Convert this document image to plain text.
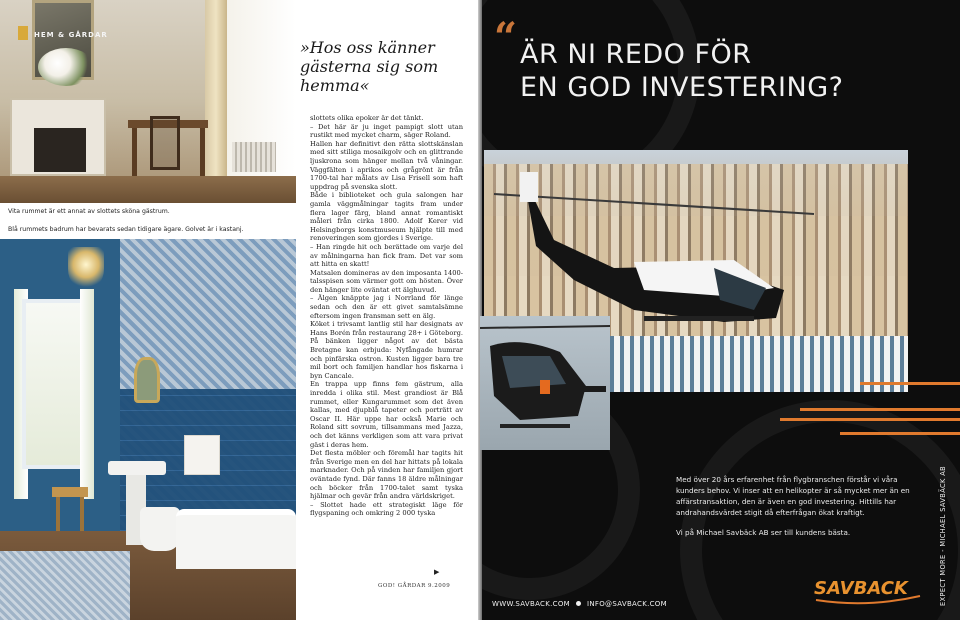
HEM & GÅRDAR
Vita rummet är ett annat av slottets sköna gästrum.
Blå rummets badrum har bevarats sedan tidigare ägare. Golvet är i kastanj.
»Hos oss känner gästerna sig som hemma«

slottets olika epoker är det tänkt.

– Det här är ju inget pampigt slott utan rustikt med mycket charm, säger Roland.

Hallen har definitivt den rätta slottskänslan med sitt stiliga mosaikgolv och en glittrande ljuskrona som hänger mellan två våningar. Väggfälten i aprikos och grågrönt är från 1700-tal har målats av Lisa Frisell som haft uppdrag på svenska slott.

Både i biblioteket och gula salongen har gamla väggmålningar tagits fram under flera lager färg, bland annat romantiskt måleri från cirka 1800. Adolf Kerer vid Helsingborgs konstmuseum hjälpte till med renoveringen som gjordes i Sverige.

– Han ringde hit och berättade om varje del av målningarna han fick fram. Det var som att hitta en skatt!

Matsalen domineras av den imposanta 1400-talsspisen som värmer gott om hösten. Över den hänger lite oväntat ett älghuvud.

– Älgen knäppte jag i Norrland för länge sedan och den är ett givet samtalsämne eftersom ingen fransman sett en älg.

Köket i trivsamt lantlig stil har designats av Hans Borén från restaurang 28+ i Göteborg. På bänken ligger något av det bästa Bretagne kan erbjuda: Nyfångade humrar och pinfärska ostron. Kusten ligger bara tre mil bort och familjen handlar hos fiskarna i byn Cancale.

En trappa upp finns fem gästrum, alla inredda i olika stil. Mest grandiost är Blå rummet, eller Kungarummet som det även kallas, med djupblå tapeter och porträtt av Oscar II. Här uppe har också Marie och Roland sitt sovrum, tillsammans med Jazza, och det känns verkligen som att vara privat gäst i deras hem.

Det flesta möbler och föremål har tagits hit från Sverige men en del har hittats på lokala marknader. Och på vinden har familjen gjort oväntade fynd. Där fanns 18 äldre målningar och böcker från 1700-talet samt tyska hjälmar och gevär från andra världskriget.

– Slottet hade ett strategiskt läge för flygspaning och omkring 2 000 tyska

▶
GOD! GÅRDAR 9.2009
“ ÄR NI REDO FÖR
EN GOD INVESTERING?
Med över 20 års erfarenhet från flygbranschen förstår vi våra kunders behov. Vi inser att en helikopter är så mycket mer än en affärstransaktion, den är även en god investering. Hittills har andrahandsvärdet stigit då efterfrågan ökat kraftigt.
Vi på Michael Savbäck AB ser till kundens bästa.
WWW.SAVBACK.COM INFO@SAVBACK.COM
SAVBACK	EXPECT MORE - MICHAEL SAVBÄCK AB
